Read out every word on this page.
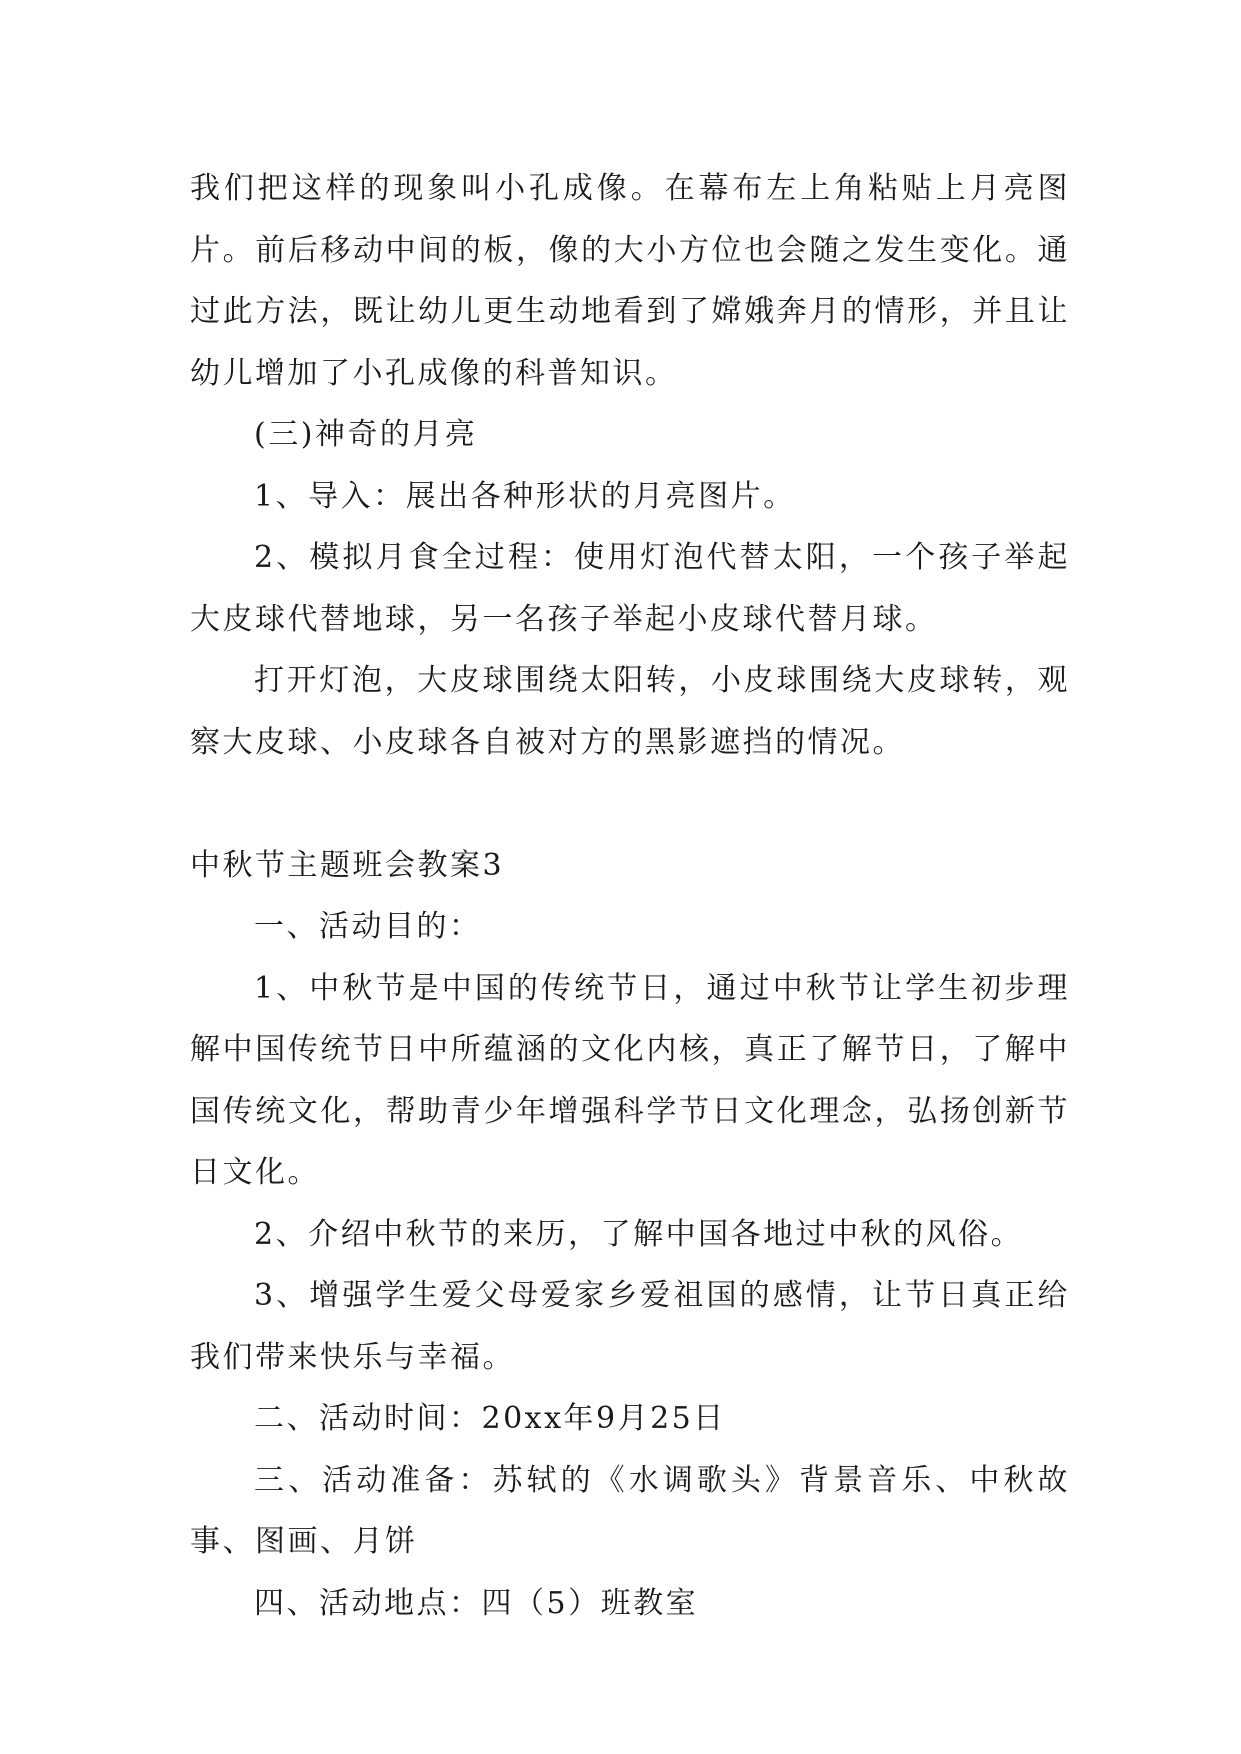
我们把这样的现象叫小孔成像。在幕布左上角粘贴上月亮图片。前后移动中间的板，像的大小方位也会随之发生变化。通过此方法，既让幼儿更生动地看到了嫦娥奔月的情形，并且让幼儿增加了小孔成像的科普知识。

(三)神奇的月亮

1、导入：展出各种形状的月亮图片。

2、模拟月食全过程：使用灯泡代替太阳，一个孩子举起大皮球代替地球，另一名孩子举起小皮球代替月球。

打开灯泡，大皮球围绕太阳转，小皮球围绕大皮球转，观察大皮球、小皮球各自被对方的黑影遮挡的情况。

中秋节主题班会教案3

一、活动目的：

1、中秋节是中国的传统节日，通过中秋节让学生初步理解中国传统节日中所蕴涵的文化内核，真正了解节日，了解中国传统文化，帮助青少年增强科学节日文化理念，弘扬创新节日文化。

2、介绍中秋节的来历，了解中国各地过中秋的风俗。

3、增强学生爱父母爱家乡爱祖国的感情，让节日真正给我们带来快乐与幸福。

二、活动时间：20xx年9月25日

三、活动准备：苏轼的《水调歌头》背景音乐、中秋故事、图画、月饼

四、活动地点：四（5）班教室
